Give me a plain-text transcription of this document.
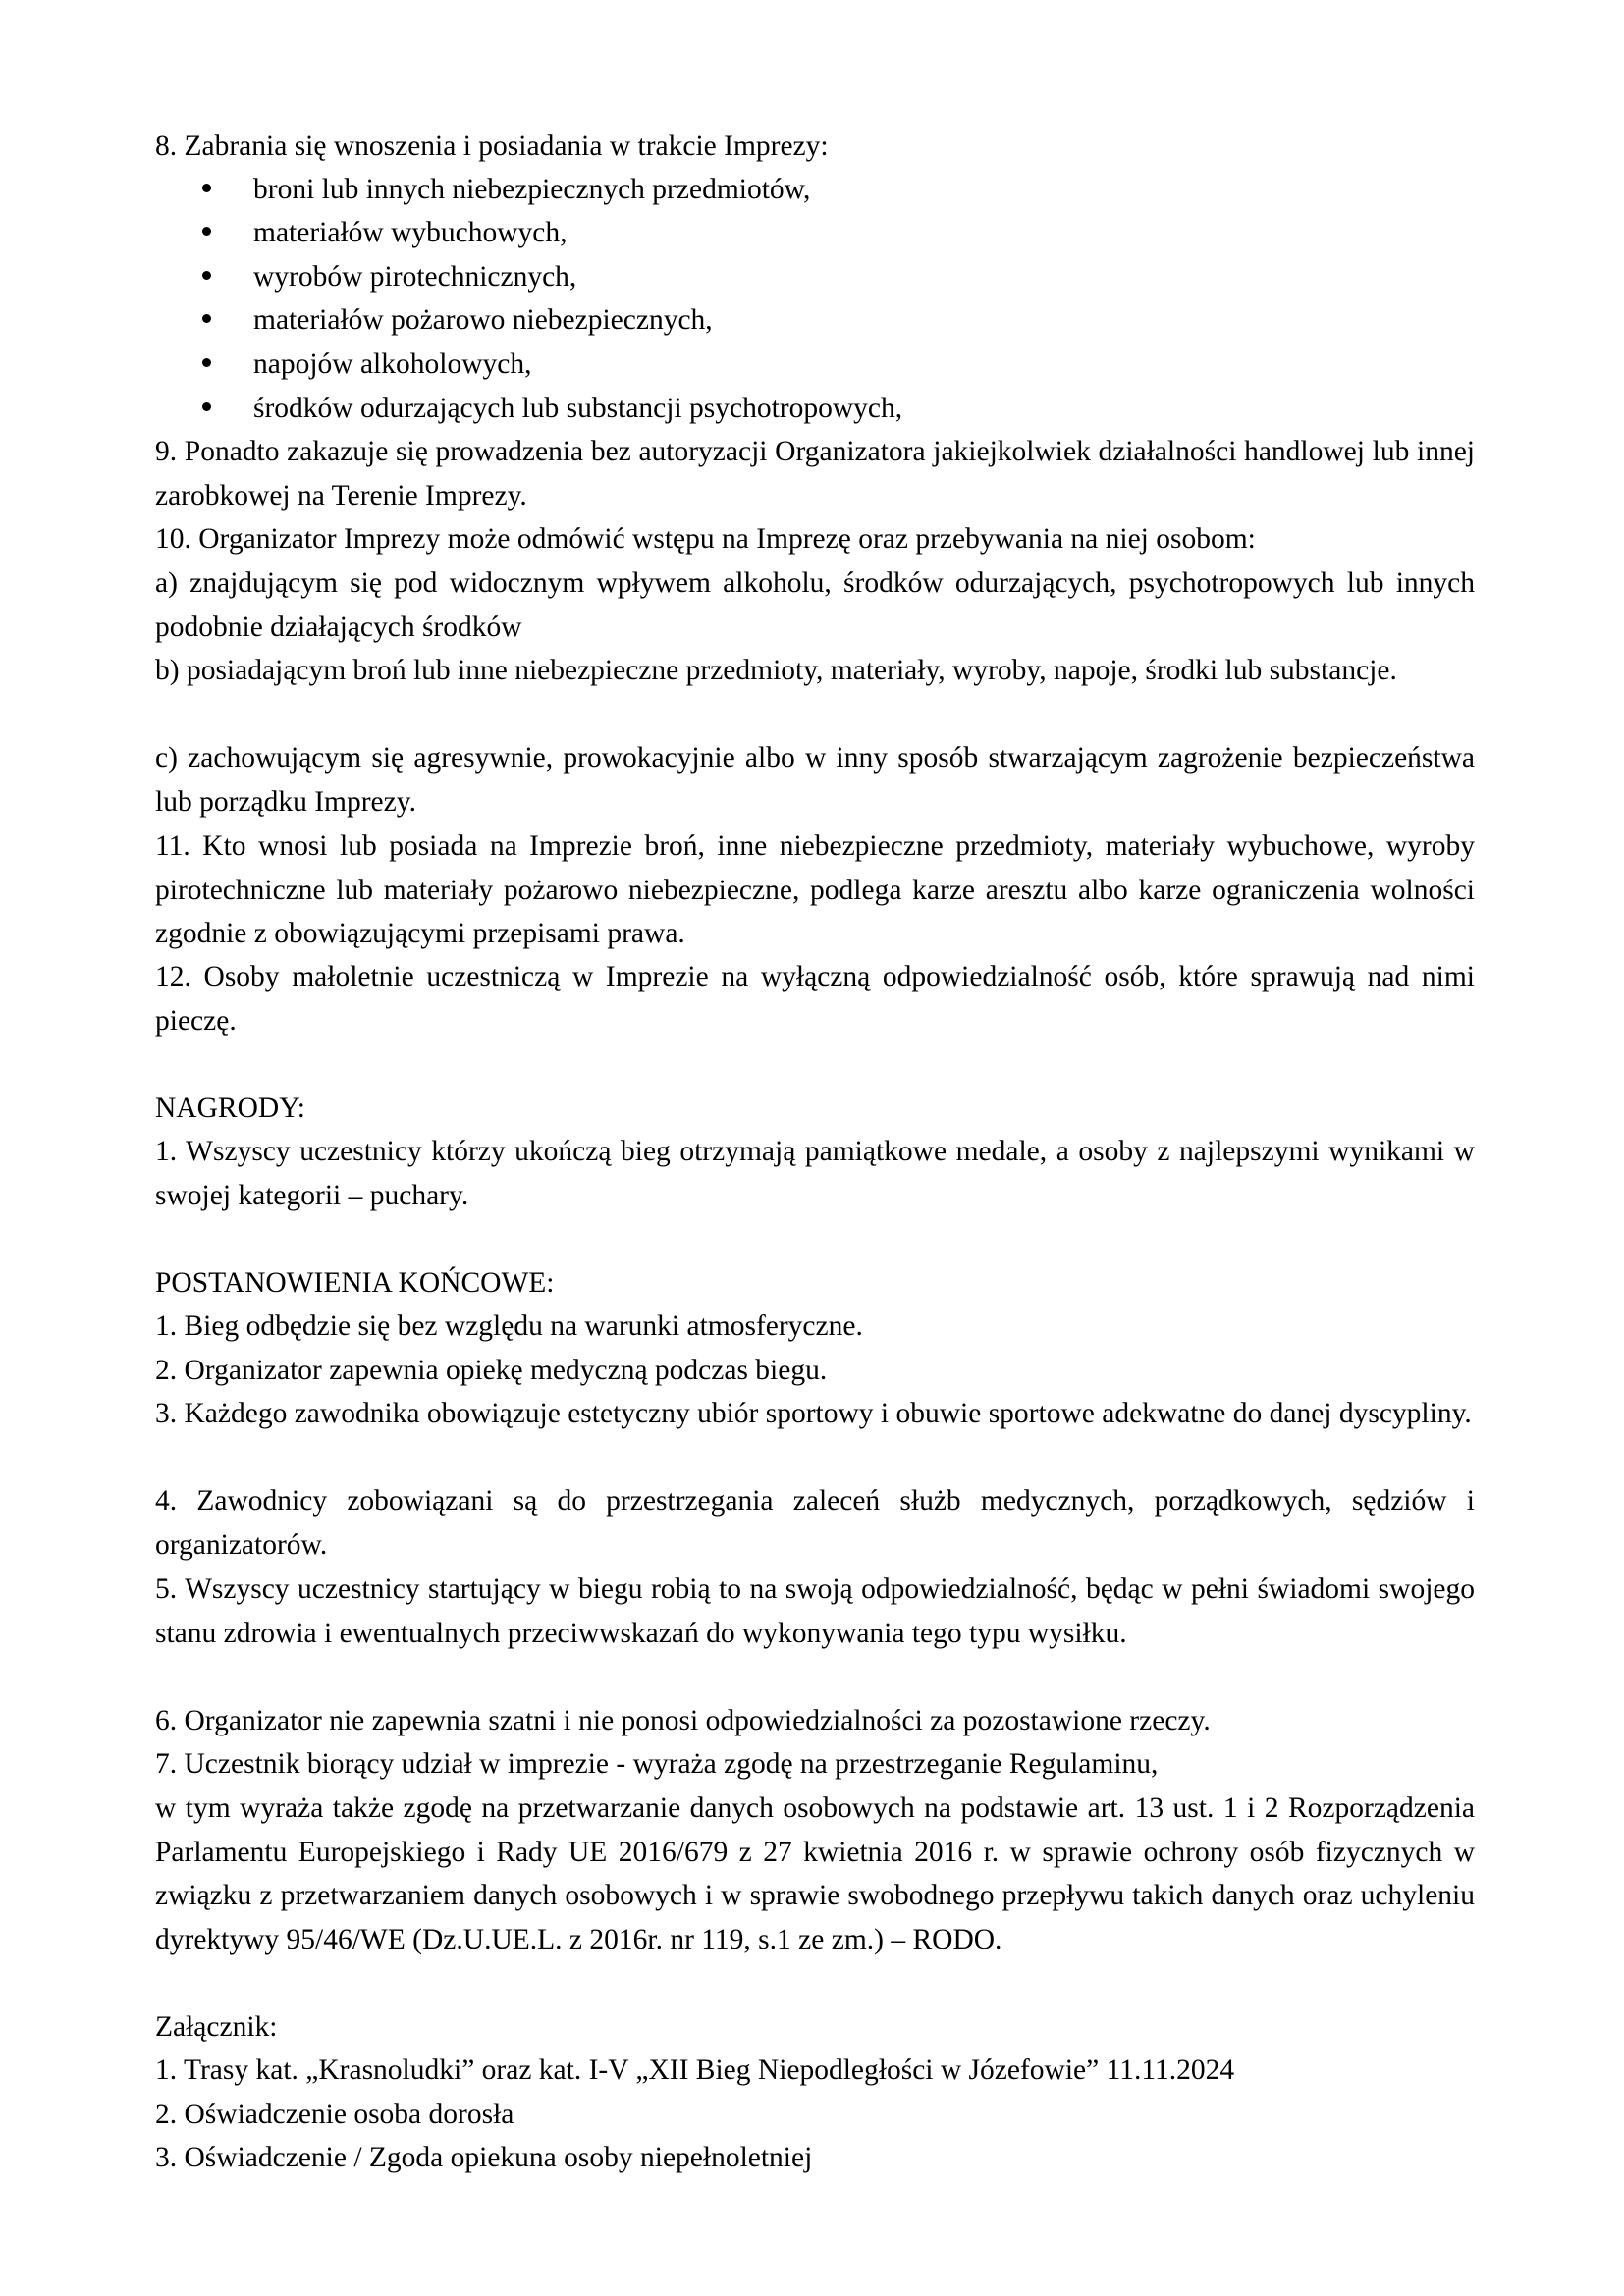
8. Zabrania się wnoszenia i posiadania w trakcie Imprezy:

broni lub innych niebezpiecznych przedmiotów,
materiałów wybuchowych,
wyrobów pirotechnicznych,
materiałów pożarowo niebezpiecznych,
napojów alkoholowych,
środków odurzających lub substancji psychotropowych,

9. Ponadto zakazuje się prowadzenia bez autoryzacji Organizatora jakiejkolwiek działalności handlowej lub innej zarobkowej na Terenie Imprezy.

10. Organizator Imprezy może odmówić wstępu na Imprezę oraz przebywania na niej osobom:

a) znajdującym się pod widocznym wpływem alkoholu, środków odurzających, psychotropowych lub innych podobnie działających środków

b) posiadającym broń lub inne niebezpieczne przedmioty, materiały, wyroby, napoje, środki lub substancje.

c) zachowującym się agresywnie, prowokacyjnie albo w inny sposób stwarzającym zagrożenie bezpieczeństwa lub porządku Imprezy.

11. Kto wnosi lub posiada na Imprezie broń, inne niebezpieczne przedmioty, materiały wybuchowe, wyroby pirotechniczne lub materiały pożarowo niebezpieczne, podlega karze aresztu albo karze ograniczenia wolności zgodnie z obowiązującymi przepisami prawa.

12. Osoby małoletnie uczestniczą w Imprezie na wyłączną odpowiedzialność osób, które sprawują nad nimi pieczę.

NAGRODY:

1. Wszyscy uczestnicy którzy ukończą bieg otrzymają pamiątkowe medale, a osoby z najlepszymi wynikami w swojej kategorii – puchary.

POSTANOWIENIA KOŃCOWE:

1. Bieg odbędzie się bez względu na warunki atmosferyczne.

2. Organizator zapewnia opiekę medyczną podczas biegu.

3. Każdego zawodnika obowiązuje estetyczny ubiór sportowy i obuwie sportowe adekwatne do danej dyscypliny.

4. Zawodnicy zobowiązani są do przestrzegania zaleceń służb medycznych, porządkowych, sędziów i organizatorów.

5. Wszyscy uczestnicy startujący w biegu robią to na swoją odpowiedzialność, będąc w pełni świadomi swojego stanu zdrowia i ewentualnych przeciwwskazań do wykonywania tego typu wysiłku.

6. Organizator nie zapewnia szatni i nie ponosi odpowiedzialności za pozostawione rzeczy.

7. Uczestnik biorący udział w imprezie - wyraża zgodę na przestrzeganie Regulaminu,

w tym wyraża także zgodę na przetwarzanie danych osobowych na podstawie art. 13 ust. 1 i 2 Rozporządzenia Parlamentu Europejskiego i Rady UE 2016/679 z 27 kwietnia 2016 r. w sprawie ochrony osób fizycznych w związku z przetwarzaniem danych osobowych i w sprawie swobodnego przepływu takich danych oraz uchyleniu dyrektywy 95/46/WE (Dz.U.UE.L. z 2016r. nr 119, s.1 ze zm.) – RODO.

Załącznik:

1. Trasy kat. „Krasnoludki” oraz kat. I-V „XII Bieg Niepodległości w Józefowie” 11.11.2024

2. Oświadczenie osoba dorosła

3. Oświadczenie / Zgoda opiekuna osoby niepełnoletniej
